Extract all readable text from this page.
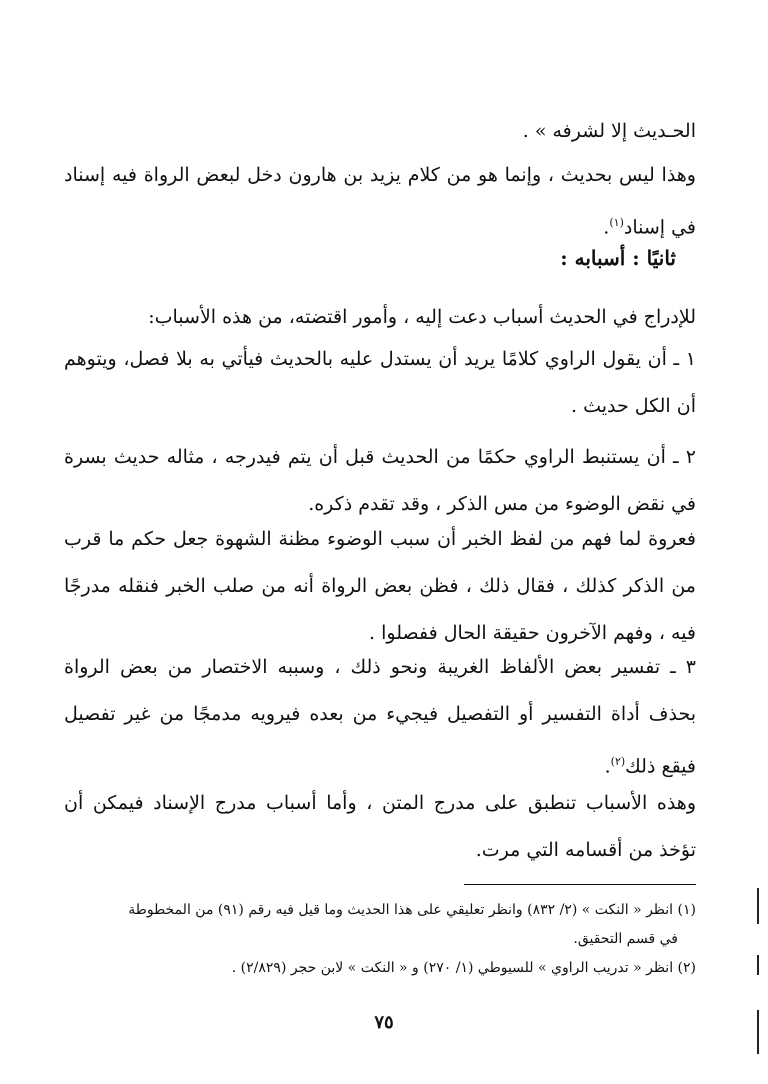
الحـديث إلا لشرفه » .

وهذا ليس بحديث ، وإنما هو من كلام يزيد بن هارون دخل لبعض الرواة فيه إسناد في إسناد$^{(١)}$.

ثانيًا : أسبابه :

للإدراج في الحديث أسباب دعت إليه ، وأمور اقتضته، من هذه الأسباب:

١ ـ أن يقول الراوي كلامًا يريد أن يستدل عليه بالحديث فيأتي به بلا فصل، ويتوهم أن الكل حديث .

٢ ـ أن يستنبط الراوي حكمًا من الحديث قبل أن يتم فيدرجه ، مثاله حديث بسرة في نقض الوضوء من مس الذكر ، وقد تقدم ذكره.

فعروة لما فهم من لفظ الخبر أن سبب الوضوء مظنة الشهوة جعل حكم ما قرب من الذكر كذلك ، فقال ذلك ، فظن بعض الرواة أنه من صلب الخبر فنقله مدرجًا فيه ، وفهم الآخرون حقيقة الحال ففصلوا .

٣ ـ تفسير بعض الألفاظ الغريبة ونحو ذلك ، وسببه الاختصار من بعض الرواة بحذف أداة التفسير أو التفصيل فيجيء من بعده فيرويه مدمجًا من غير تفصيل فيقع ذلك$^{(٢)}$.

وهذه الأسباب تنطبق على مدرج المتن ، وأما أسباب مدرج الإسناد فيمكن أن تؤخذ من أقسامه التي مرت.

(١) انظر « النكت » (٢/ ٨٣٢) وانظر تعليقي على هذا الحديث وما قيل فيه رقم (٩١) من المخطوطة

في قسم التحقيق.

(٢) انظر « تدريب الراوي » للسيوطي (١/ ٢٧٠) و « النكت » لابن حجر (٢/٨٢٩) .

٧٥
